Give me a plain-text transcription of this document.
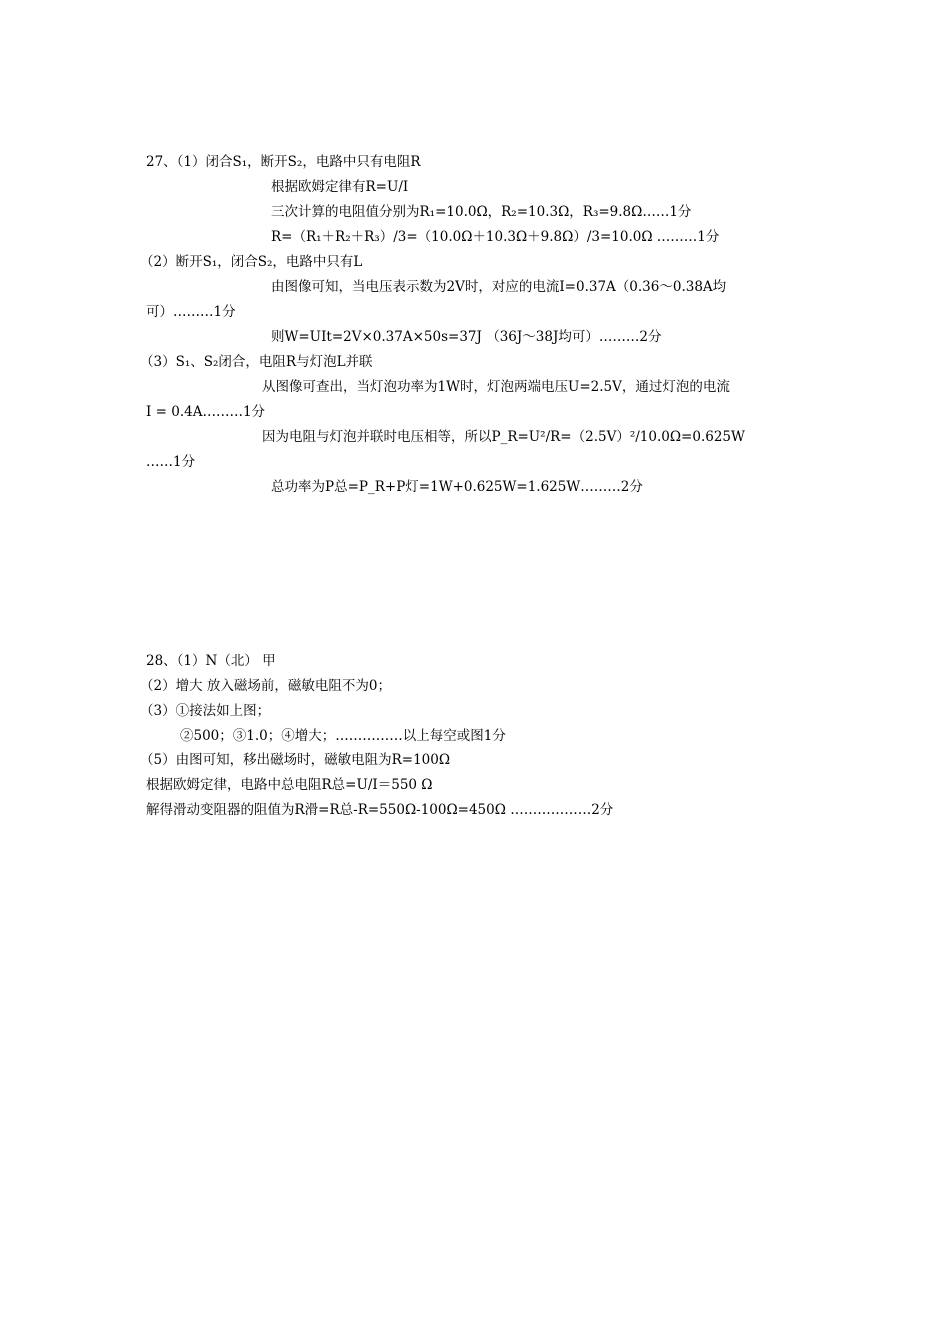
27、（1）闭合S₁，断开S₂，电路中只有电阻R
根据欧姆定律有R=U/I
三次计算的电阻值分别为R₁=10.0Ω，R₂=10.3Ω，R₃=9.8Ω……1分
R=（R₁＋R₂＋R₃）/3=（10.0Ω＋10.3Ω＋9.8Ω）/3=10.0Ω ………1分
（2）断开S₁，闭合S₂，电路中只有L
由图像可知，当电压表示数为2V时，对应的电流I=0.37A（0.36～0.38A均
可）………1分
则W=UIt=2V×0.37A×50s=37J （36J～38J均可）………2分
（3）S₁、S₂闭合，电阻R与灯泡L并联
从图像可查出，当灯泡功率为1W时，灯泡两端电压U=2.5V，通过灯泡的电流
I = 0.4A………1分
因为电阻与灯泡并联时电压相等，所以P_R=U²/R=（2.5V）²/10.0Ω=0.625W
……1分
总功率为P总=P_R+P灯=1W+0.625W=1.625W………2分
28、（1）N（北） 甲
（2）增大 放入磁场前，磁敏电阻不为0；
（3）①接法如上图；
②500；③1.0；④增大；……………以上每空或图1分
（5）由图可知，移出磁场时，磁敏电阻为R=100Ω
根据欧姆定律，电路中总电阻R总=U/I＝550 Ω
解得滑动变阻器的阻值为R滑=R总-R=550Ω-100Ω=450Ω ………………2分
